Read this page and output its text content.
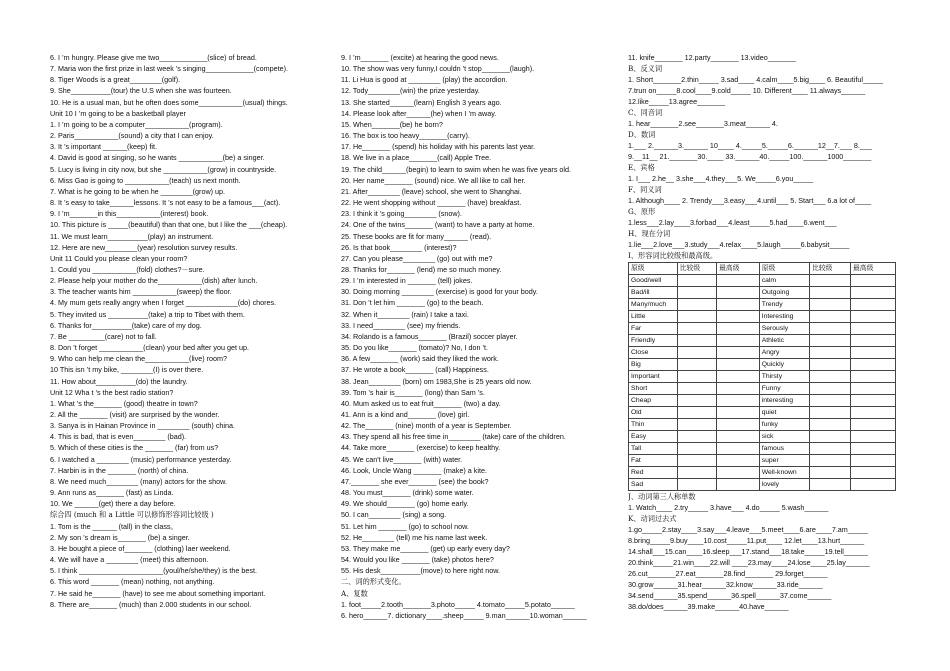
6. I ’m hungry. Please give me two____________(slice) of bread.
7. Maria won the first prize in last week ’s singing____________(compete).
8. Tiger Woods is a great________(golf).
9. She__________(tour) the U.S when she was fourteen.
10. He is a usual man, but he often does some___________(usual) things.
Unit 10 I ’m going to be a basketball player
1. I ’m going to be a computer___________(program).
2. Paris___________(sound) a city that I can enjoy.
3. It ’s important ______(keep) fit.
4. David is good at singing, so he wants ___________(be) a singer.
5. Lucy is living in city now, but she ___________(grow) in countryside.
6. Miss Gao is going to ___________(teach) us next month.
7. What is he going to be when he ________(grow) up.
8. It ’s easy to take______lessons. It ’s not easy to be a famous___(act).
9. I ’m_______in this___________(interest) book.
10. This picture is _____(beautiful) than that one, but I like the ___(cheap).
11. We must learn__________(play) an instrument.
12. Here are new________(year) resolution survey results.
Unit 11 Could you please clean your room?
1. Could you ___________(fold) clothes?－sure.
2. Please help your mother do the___________(dish) after lunch.
3. The teacher wants him ___________(sweep) the floor.
4. My mum gets really angry when I forget _____________(do) chores.
5. They invited us __________(take) a trip to Tibet with them.
6. Thanks for__________(take) care of my dog.
7. Be _________(care) not to fall.
8. Don ’t forget ___________(clean) your bed after you get up.
9. Who can help me clean the___________(live) room?
10 This isn ’t my bike, ________(I) is over there.
11. How about__________(do) the laundry.
Unit 12 Wha t ’s the best radio station?
1. What ’s the_______ (good) theatre in town?
2. All the _______ (visit) are surprised by the wonder.
3. Sanya is in Hainan Province in ________ (south) china.
4. This is bad, that is even________ (bad).
5. Which of these cities is the _______ (far) from us?
6. I watched a ________ (music) performance yesterday.
7. Harbin is in the _______ (north) of china.
8. We need much________ (many) actors for the show.
9. Ann runs as_______ (fast) as Linda.
10. We ______(get) there a day before.
综合四 (much 和 a Little 可以修饰形容词比较级 )
1. Tom is the ______ (tall) in the class。
2. My son ’s dream is_______ (be) a singer.
3. He bought a piece of_______ (clothing) laer weekend.
4. We will have a ________ (meet) this afternoon.
5. I think _____________________(youl/he/she/they) is the best.
6. This word _______ (mean) nothing, not anything.
7. He said he_______ (have) to see me about something important.
8. There are_______ (much) than 2.000 students in our school.
9. I ’m_______ (excite) at hearing the good news.
10. The show was very funny,I couldn ’t stop_______(laugh).
11. Li Hua is good at ________ (play) the accordion.
12. Tody________(win) the prize yesterday.
13. She started______(learn) English 3 years ago.
14. Please look after______(he) when I ’m away.
15. When_______(be) he born?
16. The box is too heavy_______(carry).
17. He_______ (spend) his holiday with his parents last year.
18. We live in a place_______(call) Apple Tree.
19. The child______(begin) to learn to swim when he was five years old.
20. Her name_______ (sound) nice. We all like to call her.
21. After________ (leave) school, she went to Shanghai.
22. He went shopping without _______ (have) breakfast.
23. I think it ’s going________ (snow).
24. One of the twins_______ (want) to have a party at home.
25. These books are fit for many______ (read).
26. Is that book________ (interest)?
27. Can you please________ (go) out with me?
28. Thanks for_______ (lend) me so much money.
29. I ’m interested in _______ (tell) jokes.
30. Doing morning ________ (exercise) is good for your body.
31. Don ’t let him _______ (go) to the beach.
32. When it________ (rain) I take a taxi.
33. I need________ (see) my friends.
34. Rolando is a famous_______ (Brazil) soccer player.
35. Do you like_______ (tomato)? No, I don ’t.
36. A few_______ (work) said they liked the work.
37. He wrote a book_______ (call) Happiness.
38. Jean________ (born) om 1983,She is 25 years old now.
39. Tom ’s hair is_______ (long) than Sam ’s.
40. Mum asked us to eat fruit_______ (two) a day.
41. Ann is a kind and_______ (love) girl.
42. The_______ (nine) month of a year is September.
43. They spend all his free time in________ (take) care of the children.
44. Take more_______ (exercise) to keep healthy.
45. We can't live_______ (with) water.
46. Look, Uncle Wang _______ (make) a kite.
47._______ she ever_______ (see) the book?
48. You must_______ (drink) some water.
49. We should_______ (go) home early.
50. I can________ (sing) a song.
51. Let him _______ (go) to school now.
52. He________ (tell) me his name last week.
53. They make me_______ (get) up early every day?
54. Would you like _______ (take) photos here?
55. His desk__________(move) to here right now.
二、词的形式变化。
A、复数
1. foot_____2.tooth_______3.photo_____ 4.tomato_____5.potato______
6. hero______7. dictionary____.sheep_____ 9.man______10.woman______
11. knife_______ 12.party_______ 13.video_______
B、反义词
1. Short_______2.thin_____ 3.sad____ 4.calm____5.big____ 6. Beautiful_____
7.trun on_____8.cool____9.cold_____ 10. Different____ 11.always______
12.like_____13.agree_______
C、同音词
1. hear_______2.see_______3.meat______ 4.
D、数词
1.___ 2.______3.______ 10____ 4._____5._____6.______12__7.___ 8.___
9.__11__ 21._______30.____ 33.______40._____100.______1000_______
E、宾格
1. I___ 2.he__ 3.she___4.they___5. We_____6.you_____
F、同义词
1. Although____ 2. Trendy___3.easy___4.until___ 5. Start___ 6.a lot of____
G、原形
1.less___2.lay____3.forbad___4.least_____5.had____6.went___
H、现在分词
1.lie___2.love___3.study___4.relax____5.laugh_____6.babysit_____
I、形容词比较级和最高级。
原级	比较级	最高级	原级	比较级	最高级
Good/well			calm		
Bad/ill			Outgoing		
Many/much			Trendy		
Little			Interesting		
Far			Serously		
Friendly			Athletic		
Close			Angry		
Big			Quickly		
Important			Thirsty		
Short			Funny		
Cheap			interesting		
Old			quiet		
Thin			funky		
Easy			sick		
Tall			famous		
Fat			super		
Red			Well-known		
Sad			lovely		
J、动词第三人称单数
1. Watch____ 2.try_____ 3.have___ 4.do_____ 5.wash______
K、动词过去式
1.go_____2.stay____3.say___4.leave___5.meet____6.are____7.am_____
8.bring_____9.buy____10.cost_____11.put____ 12.let____13.hurt______
14.shall___15.can____16.sleep___17.stand___18.take_____19.tell______
20.think_____21.win____22.will ____23.may____24.lose____25.lay______
26.cut_______27.eat_______28.find_______ 29.forget______
30.grow______31.hear______32.know______33.ride______
34.send______35.spend______36.spell______37.come______
38.do/does______39.make______40.have______
